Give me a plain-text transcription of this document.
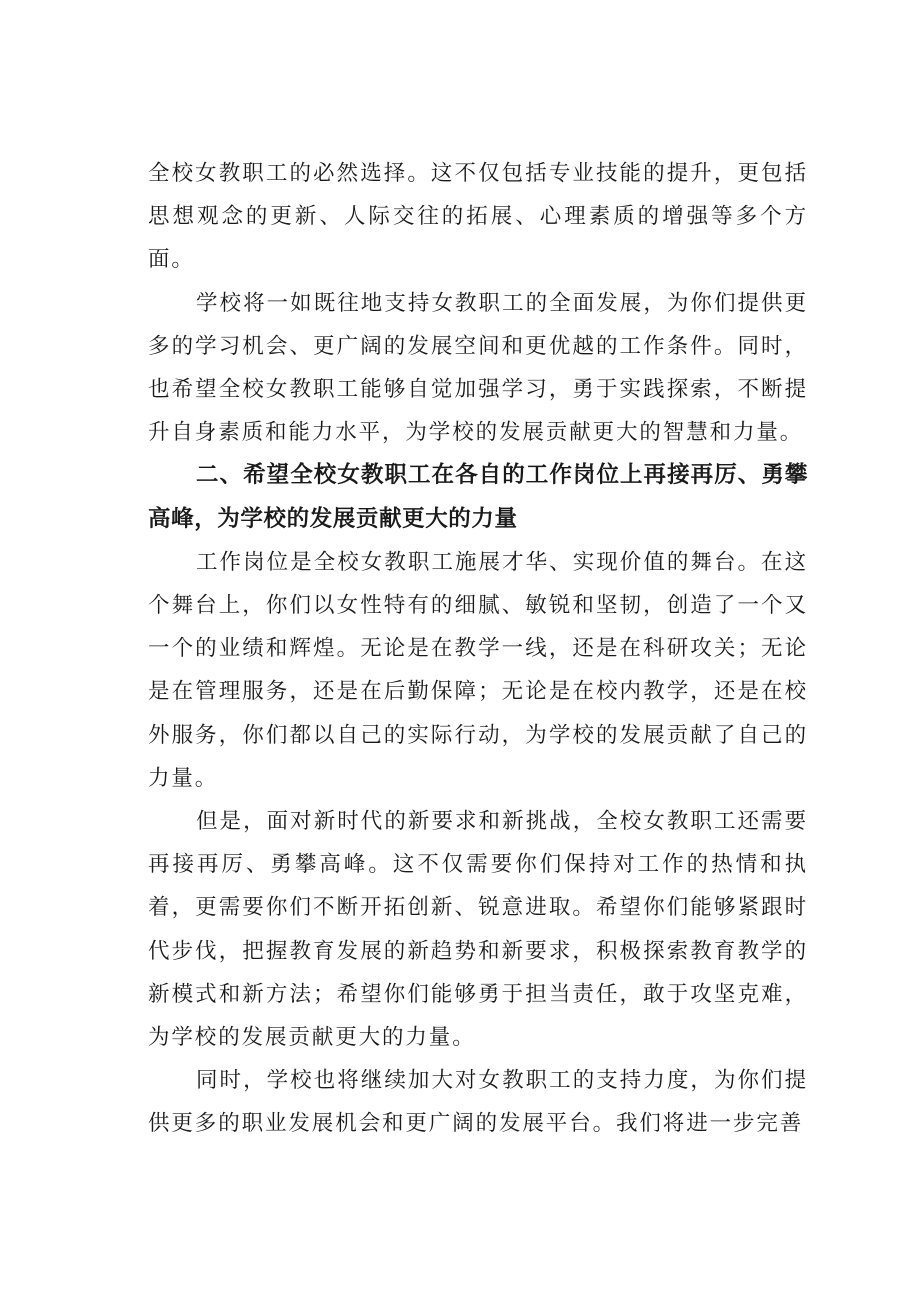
全校女教职工的必然选择。这不仅包括专业技能的提升，更包括思想观念的更新、人际交往的拓展、心理素质的增强等多个方面。

学校将一如既往地支持女教职工的全面发展，为你们提供更多的学习机会、更广阔的发展空间和更优越的工作条件。同时，也希望全校女教职工能够自觉加强学习，勇于实践探索，不断提升自身素质和能力水平，为学校的发展贡献更大的智慧和力量。

二、希望全校女教职工在各自的工作岗位上再接再厉、勇攀高峰，为学校的发展贡献更大的力量

工作岗位是全校女教职工施展才华、实现价值的舞台。在这个舞台上，你们以女性特有的细腻、敏锐和坚韧，创造了一个又一个的业绩和辉煌。无论是在教学一线，还是在科研攻关；无论是在管理服务，还是在后勤保障；无论是在校内教学，还是在校外服务，你们都以自己的实际行动，为学校的发展贡献了自己的力量。

但是，面对新时代的新要求和新挑战，全校女教职工还需要再接再厉、勇攀高峰。这不仅需要你们保持对工作的热情和执着，更需要你们不断开拓创新、锐意进取。希望你们能够紧跟时代步伐，把握教育发展的新趋势和新要求，积极探索教育教学的新模式和新方法；希望你们能够勇于担当责任，敢于攻坚克难，为学校的发展贡献更大的力量。

同时，学校也将继续加大对女教职工的支持力度，为你们提供更多的职业发展机会和更广阔的发展平台。我们将进一步完善
